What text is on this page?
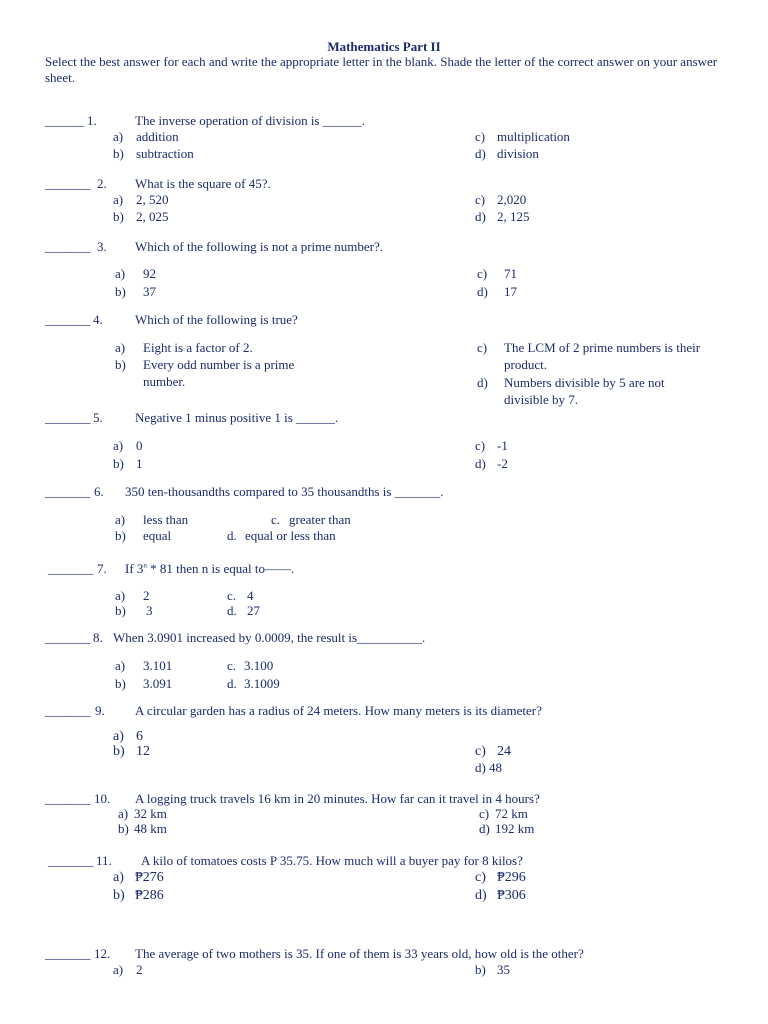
Mathematics Part II
Select the best answer for each and write the appropriate letter in the blank. Shade the letter of the correct answer on your answer sheet.
______ 1.	The inverse operation of division is ______.
a) addition
b) subtraction
c) multiplication
d) division
_______ 2. What is the square of 45?.
a) 2, 520
b) 2, 025
c) 2,020
d) 2, 125
_______ 3. Which of the following is not a prime number?.
a) 92
b) 37
c) 71
d) 17
_______ 4. Which of the following is true?
a) Eight is a factor of 2.
b) Every odd number is a prime number.
c) The LCM of 2 prime numbers is their product.
d) Numbers divisible by 5 are not divisible by 7.
_______ 5. Negative 1 minus positive 1 is ______.
a) 0
b) 1
c) -1
d) -2
_______ 6. 350 ten-thousandths compared to 35 thousandths is _______.
a) less than
b) equal
c. greater than
d. equal or less than
_______ 7. If 3$^n$ * 81 then n is equal to——.
a) 2
b) 3
c. 4
d. 27
_______ 8. When 3.0901 increased by 0.0009, the result is__________.
a) 3.101
b) 3.091
c. 3.100
d. 3.1009
_______ 9. A circular garden has a radius of 24 meters. How many meters is its diameter?
a) 6
b) 12	c) 24
d) 48
_______ 10. A logging truck travels 16 km in 20 minutes. How far can it travel in 4 hours?
a) 32 km
b) 48 km
c) 72 km
d) 192 km
_______ 11. A kilo of tomatoes costs P 35.75. How much will a buyer pay for 8 kilos?
a) ₱276
b) ₱286
c) ₱296
d) ₱306
_______ 12. The average of two mothers is 35. If one of them is 33 years old, how old is the other?
a) 2	b) 35
